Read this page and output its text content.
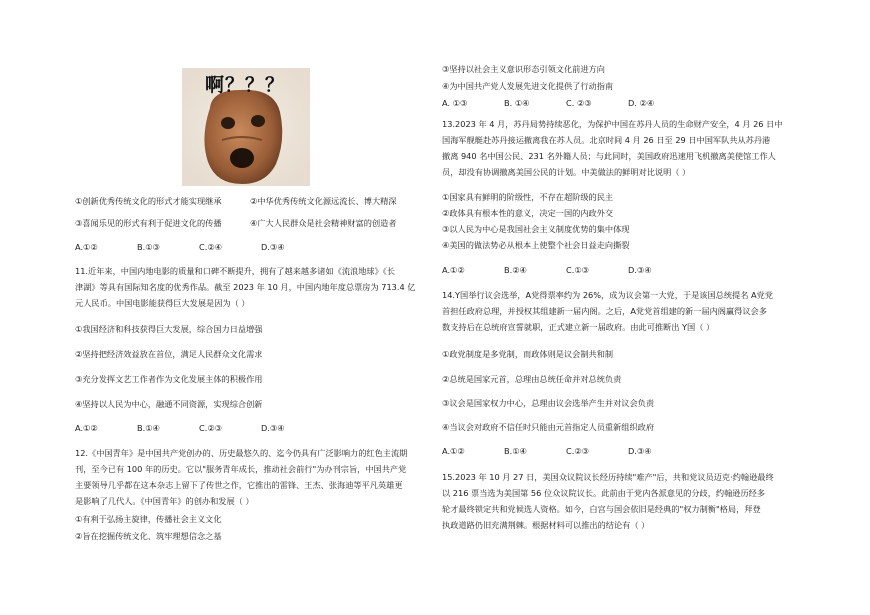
啊？？？
①创新优秀传统文化的形式才能实现继承	②中华优秀传统文化源远流长、博大精深
③喜闻乐见的形式有利于促进文化的传播	④广大人民群众是社会精神财富的创造者
A.①②	B.①③	C.②④	D.③④
11.近年来，中国内地电影的质量和口碑不断提升，拥有了越来越多诸如《流浪地球》《长
津湖》等具有国际知名度的优秀作品。截至 2023 年 10 月，中国内地年度总票房为 713.4 亿
元人民币。中国电影能获得巨大发展是因为（ ）
①我国经济和科技获得巨大发展，综合国力日益增强
②坚持把经济效益放在首位，满足人民群众文化需求
③充分发挥文艺工作者作为文化发展主体的积极作用
④坚持以人民为中心，融通不同资源，实现综合创新
A.①②	B.①④	C.②③	D.③④
12.《中国青年》是中国共产党创办的、历史最悠久的、迄今仍具有广泛影响力的红色主流期
刊，至今已有 100 年的历史。它以"服务青年成长，推动社会前行"为办刊宗旨，中国共产党
主要领导几乎都在这本杂志上留下了传世之作，它推出的雷锋、王杰、张海迪等平凡英雄更
是影响了几代人。《中国青年》的创办和发展（ ）
①有利于弘扬主旋律，传播社会主义文化
②旨在挖掘传统文化、筑牢理想信念之基
③坚持以社会主义意识形态引领文化前进方向
④为中国共产党人发展先进文化提供了行动指南
A. ①③	B. ①④	C. ②③	D. ②④
13.2023 年 4 月，苏丹局势持续恶化，为保护中国在苏丹人员的生命财产安全，4 月 26 日中
国海军舰艇赴苏丹接运撤离我在苏人员。北京时间 4 月 26 日至 29 日中国军队共从苏丹港
撤离 940 名中国公民、231 名外籍人员；与此同时，美国政府迅速用飞机撤离美使馆工作人
员，却没有协调撤离美国公民的计划。中美做法的鲜明对比说明（ ）
①国家具有鲜明的阶级性，不存在超阶级的民主
②政体具有根本性的意义，决定一国的内政外交
③以人民为中心是我国社会主义制度优势的集中体现
④美国的做法势必从根本上使整个社会日益走向撕裂
A.①②	B.②④	C.①③	D.③④
14.Y国举行议会选举，A党得票率约为 26%，成为议会第一大党，于是该国总统提名 A党党
首担任政府总理，并授权其组建新一届内阁。之后，A党党首组建的新一届内阁赢得议会多
数支持后在总统府宣誓就职，正式建立新一届政府。由此可推断出 Y国（ ）
①政党制度是多党制，而政体则是议会制共和制
②总统是国家元首，总理由总统任命并对总统负责
③议会是国家权力中心，总理由议会选举产生并对议会负责
④当议会对政府不信任时只能由元首指定人员重新组织政府
A.①②	B.①④	C.②③	D.③④
15.2023 年 10 月 27 日，美国众议院议长经历持续"难产"后，共和党议员迈克·约翰逊最终
以 216 票当选为美国第 56 位众议院议长。此前由于党内各派意见的分歧，约翰逊历经多
轮才最终锁定共和党候选人资格。如今，白宫与国会依旧是经典的"权力制衡"格局，拜登
执政道路仍旧充满荆棘。根据材料可以推出的结论有（ ）
